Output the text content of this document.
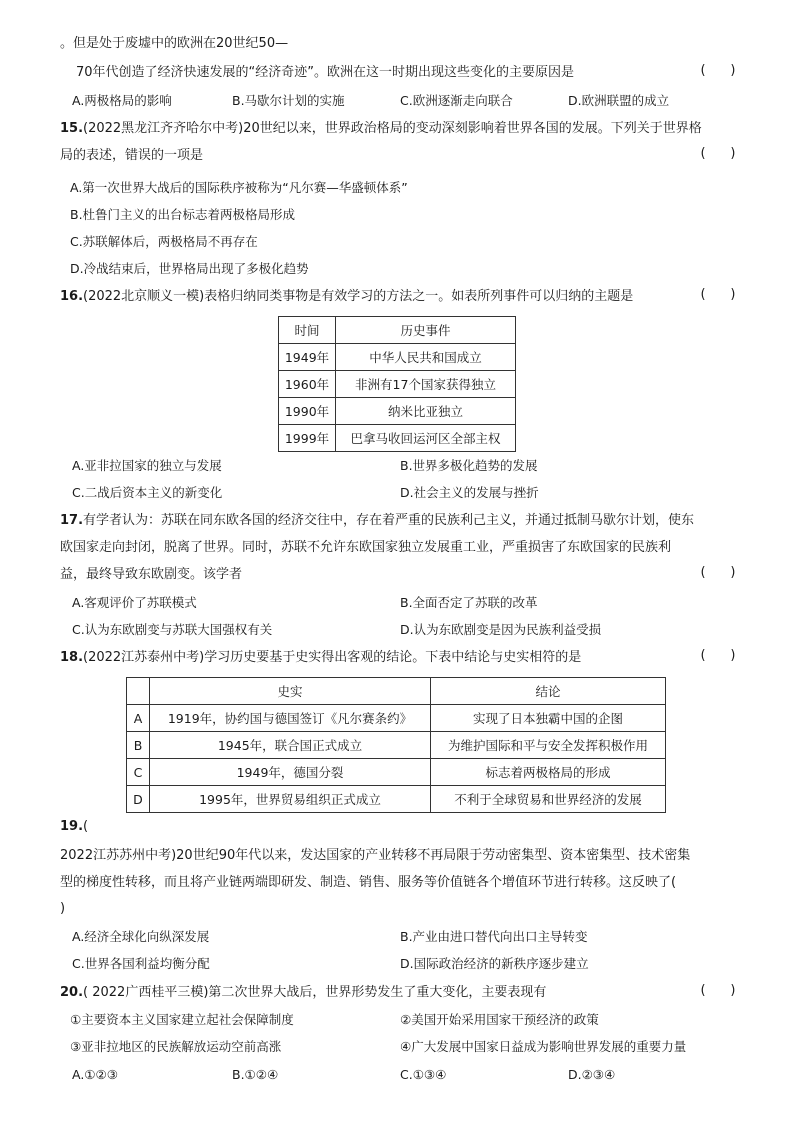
。但是处于废墟中的欧洲在20世纪50—
70年代创造了经济快速发展的“经济奇迹”。欧洲在这一时期出现这些变化的主要原因是	(      )
A.两极格局的影响	B.马歇尔计划的实施	C.欧洲逐渐走向联合	D.欧洲联盟的成立
15.(2022黑龙江齐齐哈尔中考)20世纪以来，世界政治格局的变动深刻影响着世界各国的发展。下列关于世界格
局的表述，错误的一项是	(      )
A.第一次世界大战后的国际秩序被称为“凡尔赛—华盛顿体系”
B.杜鲁门主义的出台标志着两极格局形成
C.苏联解体后，两极格局不再存在
D.冷战结束后，世界格局出现了多极化趋势
16.(2022北京顺义一模)表格归纳同类事物是有效学习的方法之一。如表所列事件可以归纳的主题是	(      )
时间	历史事件
1949年	中华人民共和国成立
1960年	非洲有17个国家获得独立
1990年	纳米比亚独立
1999年	巴拿马收回运河区全部主权
A.亚非拉国家的独立与发展	B.世界多极化趋势的发展
C.二战后资本主义的新变化	D.社会主义的发展与挫折
17.有学者认为：苏联在同东欧各国的经济交往中，存在着严重的民族利己主义，并通过抵制马歇尔计划，使东
欧国家走向封闭，脱离了世界。同时，苏联不允许东欧国家独立发展重工业，严重损害了东欧国家的民族利
益，最终导致东欧剧变。该学者	(      )
A.客观评价了苏联模式	B.全面否定了苏联的改革
C.认为东欧剧变与苏联大国强权有关	D.认为东欧剧变是因为民族利益受损
18.(2022江苏泰州中考)学习历史要基于史实得出客观的结论。下表中结论与史实相符的是	(      )
	史实	结论
A	1919年，协约国与德国签订《凡尔赛条约》	实现了日本独霸中国的企图
B	1945年，联合国正式成立	为维护国际和平与安全发挥积极作用
C	1949年，德国分裂	标志着两极格局的形成
D	1995年，世界贸易组织正式成立	不利于全球贸易和世界经济的发展
19.(
2022江苏苏州中考)20世纪90年代以来，发达国家的产业转移不再局限于劳动密集型、资本密集型、技术密集
型的梯度性转移，而且将产业链两端即研发、制造、销售、服务等价值链各个增值环节进行转移。这反映了(
)
A.经济全球化向纵深发展	B.产业由进口替代向出口主导转变
C.世界各国利益均衡分配	D.国际政治经济的新秩序逐步建立
20.( 2022广西桂平三模)第二次世界大战后，世界形势发生了重大变化，主要表现有	(      )
①主要资本主义国家建立起社会保障制度	②美国开始采用国家干预经济的政策
③亚非拉地区的民族解放运动空前高涨	④广大发展中国家日益成为影响世界发展的重要力量
A.①②③	B.①②④	C.①③④	D.②③④
